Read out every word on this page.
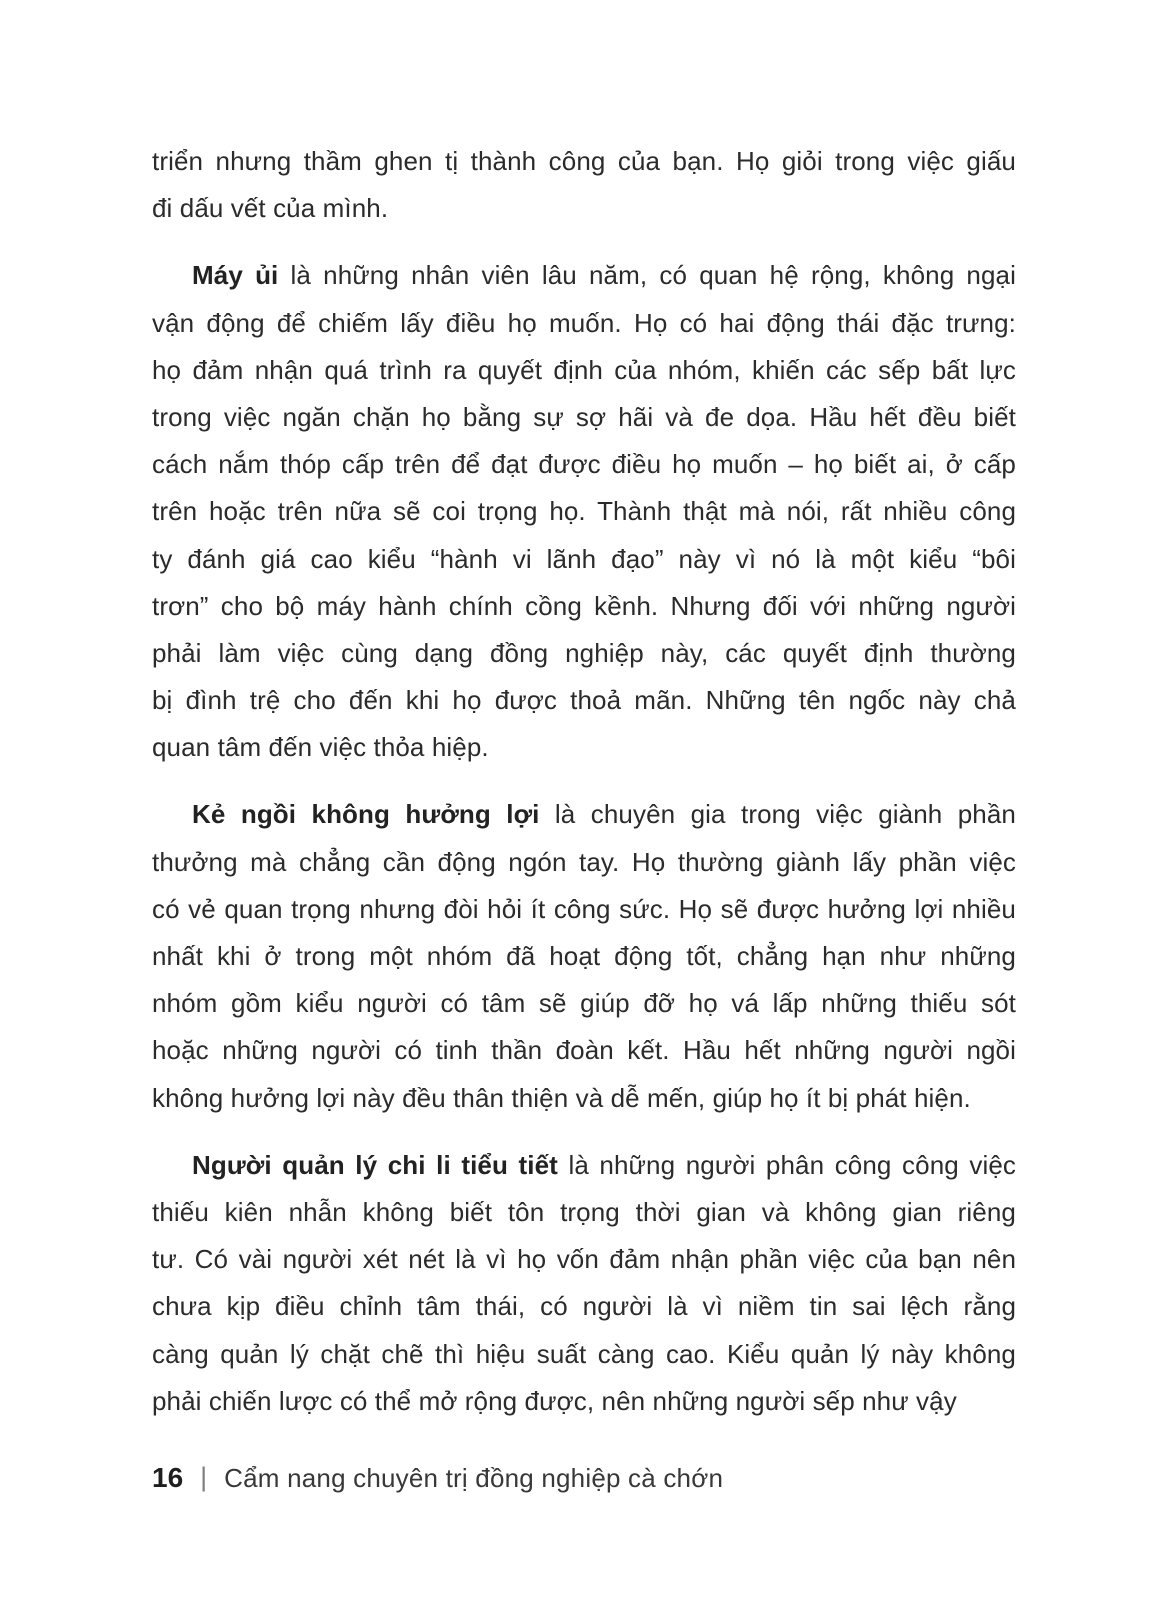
triển nhưng thầm ghen tị thành công của bạn. Họ giỏi trong việc giấu
đi dấu vết của mình.
Máy ủi là những nhân viên lâu năm, có quan hệ rộng, không ngại
vận động để chiếm lấy điều họ muốn. Họ có hai động thái đặc trưng:
họ đảm nhận quá trình ra quyết định của nhóm, khiến các sếp bất lực
trong việc ngăn chặn họ bằng sự sợ hãi và đe dọa. Hầu hết đều biết
cách nắm thóp cấp trên để đạt được điều họ muốn – họ biết ai, ở cấp
trên hoặc trên nữa sẽ coi trọng họ. Thành thật mà nói, rất nhiều công
ty đánh giá cao kiểu “hành vi lãnh đạo” này vì nó là một kiểu “bôi
trơn” cho bộ máy hành chính cồng kềnh. Nhưng đối với những người
phải làm việc cùng dạng đồng nghiệp này, các quyết định thường
bị đình trệ cho đến khi họ được thoả mãn. Những tên ngốc này chả
quan tâm đến việc thỏa hiệp.
Kẻ ngồi không hưởng lợi là chuyên gia trong việc giành phần
thưởng mà chẳng cần động ngón tay. Họ thường giành lấy phần việc
có vẻ quan trọng nhưng đòi hỏi ít công sức. Họ sẽ được hưởng lợi nhiều
nhất khi ở trong một nhóm đã hoạt động tốt, chẳng hạn như những
nhóm gồm kiểu người có tâm sẽ giúp đỡ họ vá lấp những thiếu sót
hoặc những người có tinh thần đoàn kết. Hầu hết những người ngồi
không hưởng lợi này đều thân thiện và dễ mến, giúp họ ít bị phát hiện.
Người quản lý chi li tiểu tiết là những người phân công công việc
thiếu kiên nhẫn không biết tôn trọng thời gian và không gian riêng
tư. Có vài người xét nét là vì họ vốn đảm nhận phần việc của bạn nên
chưa kịp điều chỉnh tâm thái, có người là vì niềm tin sai lệch rằng
càng quản lý chặt chẽ thì hiệu suất càng cao. Kiểu quản lý này không
phải chiến lược có thể mở rộng được, nên những người sếp như vậy
16 | Cẩm nang chuyên trị đồng nghiệp cà chớn
